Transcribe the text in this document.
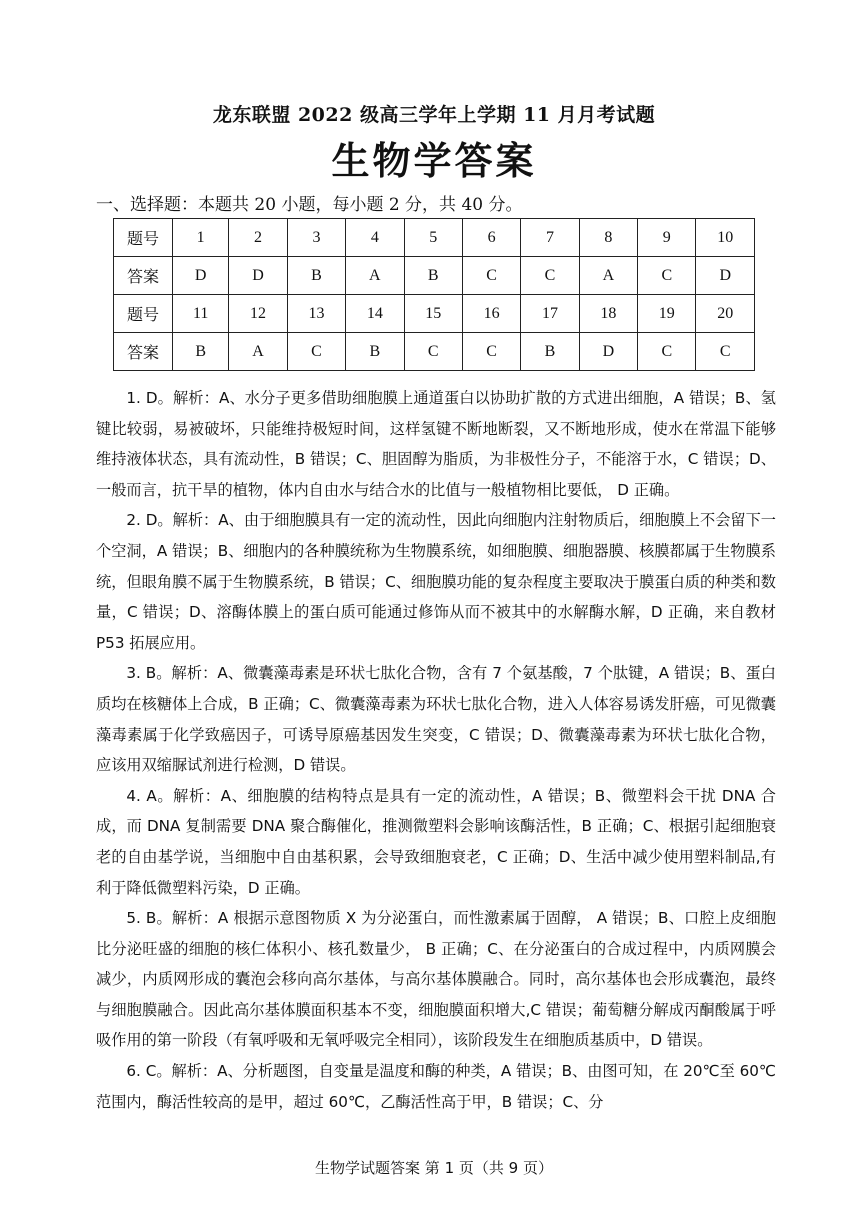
龙东联盟 2022 级高三学年上学期 11 月月考试题
生物学答案
一、选择题：本题共 20 小题，每小题 2 分，共 40 分。
题号	1	2	3	4	5	6	7	8	9	10
答案	D	D	B	A	B	C	C	A	C	D
题号	11	12	13	14	15	16	17	18	19	20
答案	B	A	C	B	C	C	B	D	C	C

1. D。解析：A、水分子更多借助细胞膜上通道蛋白以协助扩散的方式进出细胞，A 错误；B、氢键比较弱，易被破坏，只能维持极短时间，这样氢键不断地断裂，又不断地形成，使水在常温下能够维持液体状态，具有流动性，B 错误；C、胆固醇为脂质，为非极性分子，不能溶于水，C 错误；D、一般而言，抗干旱的植物，体内自由水与结合水的比值与一般植物相比要低， D 正确。

2. D。解析：A、由于细胞膜具有一定的流动性，因此向细胞内注射物质后，细胞膜上不会留下一个空洞，A 错误；B、细胞内的各种膜统称为生物膜系统，如细胞膜、细胞器膜、核膜都属于生物膜系统，但眼角膜不属于生物膜系统，B 错误；C、细胞膜功能的复杂程度主要取决于膜蛋白质的种类和数量，C 错误；D、溶酶体膜上的蛋白质可能通过修饰从而不被其中的水解酶水解，D 正确，来自教材 P53 拓展应用。

3. B。解析：A、微囊藻毒素是环状七肽化合物，含有 7 个氨基酸，7 个肽键，A 错误；B、蛋白质均在核糖体上合成，B 正确；C、微囊藻毒素为环状七肽化合物，进入人体容易诱发肝癌，可见微囊藻毒素属于化学致癌因子，可诱导原癌基因发生突变，C 错误；D、微囊藻毒素为环状七肽化合物，应该用双缩脲试剂进行检测，D 错误。

4. A。解析：A、细胞膜的结构特点是具有一定的流动性，A 错误；B、微塑料会干扰 DNA 合成，而 DNA 复制需要 DNA 聚合酶催化，推测微塑料会影响该酶活性，B 正确；C、根据引起细胞衰老的自由基学说，当细胞中自由基积累，会导致细胞衰老，C 正确；D、生活中减少使用塑料制品,有利于降低微塑料污染，D 正确。

5. B。解析：A 根据示意图物质 X 为分泌蛋白，而性激素属于固醇， A 错误；B、口腔上皮细胞比分泌旺盛的细胞的核仁体积小、核孔数量少， B 正确；C、在分泌蛋白的合成过程中，内质网膜会减少，内质网形成的囊泡会移向高尔基体，与高尔基体膜融合。同时，高尔基体也会形成囊泡，最终与细胞膜融合。因此高尔基体膜面积基本不变，细胞膜面积增大,C 错误；葡萄糖分解成丙酮酸属于呼吸作用的第一阶段（有氧呼吸和无氧呼吸完全相同），该阶段发生在细胞质基质中，D 错误。

6. C。解析：A、分析题图，自变量是温度和酶的种类，A 错误；B、由图可知，在 20℃至 60℃范围内，酶活性较高的是甲，超过 60℃，乙酶活性高于甲，B 错误；C、分

生物学试题答案 第 1 页（共 9 页）
